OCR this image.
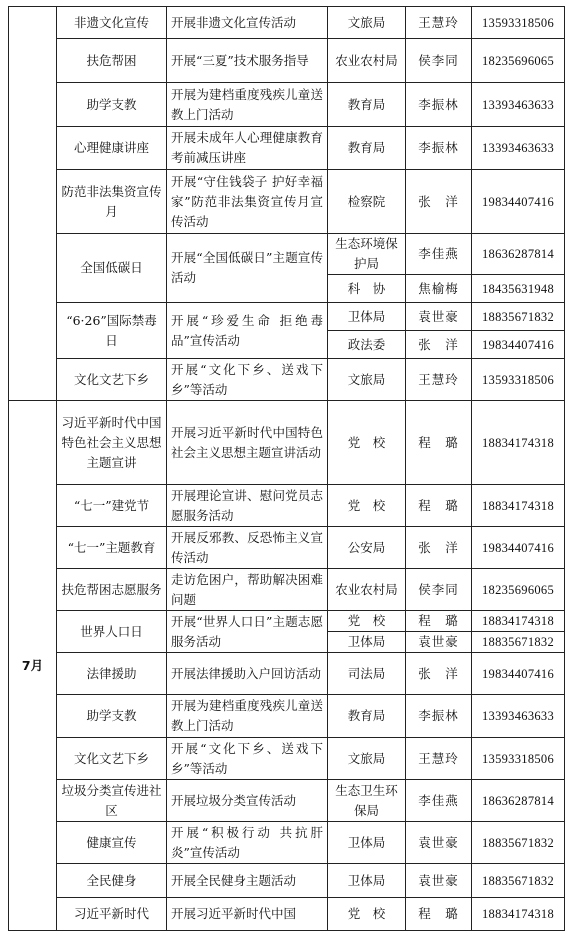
	非遗文化宣传	开展非遗文化宣传活动	文旅局	王慧玲	13593318506
	扶危帮困	开展“三夏”技术服务指导	农业农村局	侯李同	18235696065
	助学支教	开展为建档重度残疾儿童送教上门活动	教育局	李振林	13393463633
	心理健康讲座	开展未成年人心理健康教育考前减压讲座	教育局	李振林	13393463633
	防范非法集资宣传月	开展“守住钱袋子 护好幸福家”防范非法集资宣传月宣传活动	检察院	张　洋	19834407416
	全国低碳日	开展“全国低碳日”主题宣传活动	生态环境保护局	李佳燕	18636287814
			科　协	焦榆梅	18435631948
	“6·26”国际禁毒日	开展“珍爱生命 拒绝毒品”宣传活动	卫体局	袁世豪	18835671832
			政法委	张　洋	19834407416
	文化文艺下乡	开展“文化下乡、送戏下乡”等活动	文旅局	王慧玲	13593318506
7月	习近平新时代中国特色社会主义思想主题宣讲	开展习近平新时代中国特色社会主义思想主题宣讲活动	党　校	程　璐	18834174318
	“七一”建党节	开展理论宣讲、慰问党员志愿服务活动	党　校	程　璐	18834174318
	“七一”主题教育	开展反邪教、反恐怖主义宣传活动	公安局	张　洋	19834407416
	扶危帮困志愿服务	走访危困户，帮助解决困难问题	农业农村局	侯李同	18235696065
	世界人口日	开展“世界人口日”主题志愿服务活动	党　校	程　璐	18834174318
			卫体局	袁世豪	18835671832
	法律援助	开展法律援助入户回访活动	司法局	张　洋	19834407416
	助学支教	开展为建档重度残疾儿童送教上门活动	教育局	李振林	13393463633
	文化文艺下乡	开展“文化下乡、送戏下乡”等活动	文旅局	王慧玲	13593318506
	垃圾分类宣传进社区	开展垃圾分类宣传活动	生态卫生环保局	李佳燕	18636287814
	健康宣传	开展“积极行动 共抗肝炎”宣传活动	卫体局	袁世豪	18835671832
	全民健身	开展全民健身主题活动	卫体局	袁世豪	18835671832
	习近平新时代	开展习近平新时代中国	党　校	程　璐	18834174318
